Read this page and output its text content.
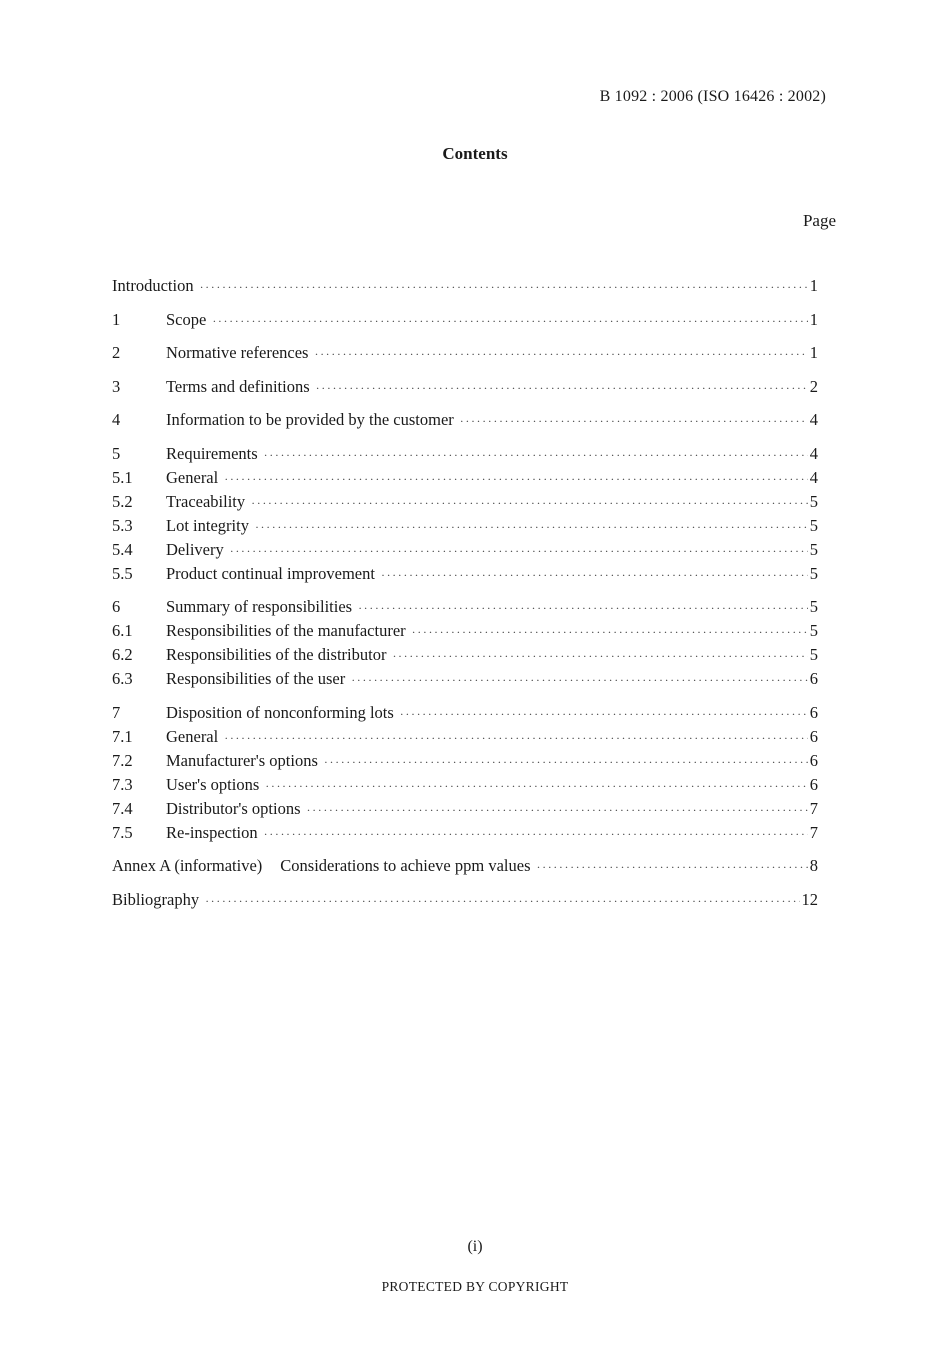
B 1092 : 2006 (ISO 16426 : 2002)
Contents
Page
Introduction ·····	1
1	Scope ·····	1
2	Normative references ·····	1
3	Terms and definitions ·····	2
4	Information to be provided by the customer ·····	4
5	Requirements ·····	4
5.1	General ·····	4
5.2	Traceability ·····	5
5.3	Lot integrity ·····	5
5.4	Delivery ·····	5
5.5	Product continual improvement ·····	5
6	Summary of responsibilities ·····	5
6.1	Responsibilities of the manufacturer ·····	5
6.2	Responsibilities of the distributor ·····	5
6.3	Responsibilities of the user ·····	6
7	Disposition of nonconforming lots ·····	6
7.1	General ·····	6
7.2	Manufacturer's options ·····	6
7.3	User's options ·····	6
7.4	Distributor's options ·····	7
7.5	Re-inspection ·····	7
Annex A (informative) Considerations to achieve ppm values ·····	8
Bibliography ·····	12
(i)
PROTECTED BY COPYRIGHT
